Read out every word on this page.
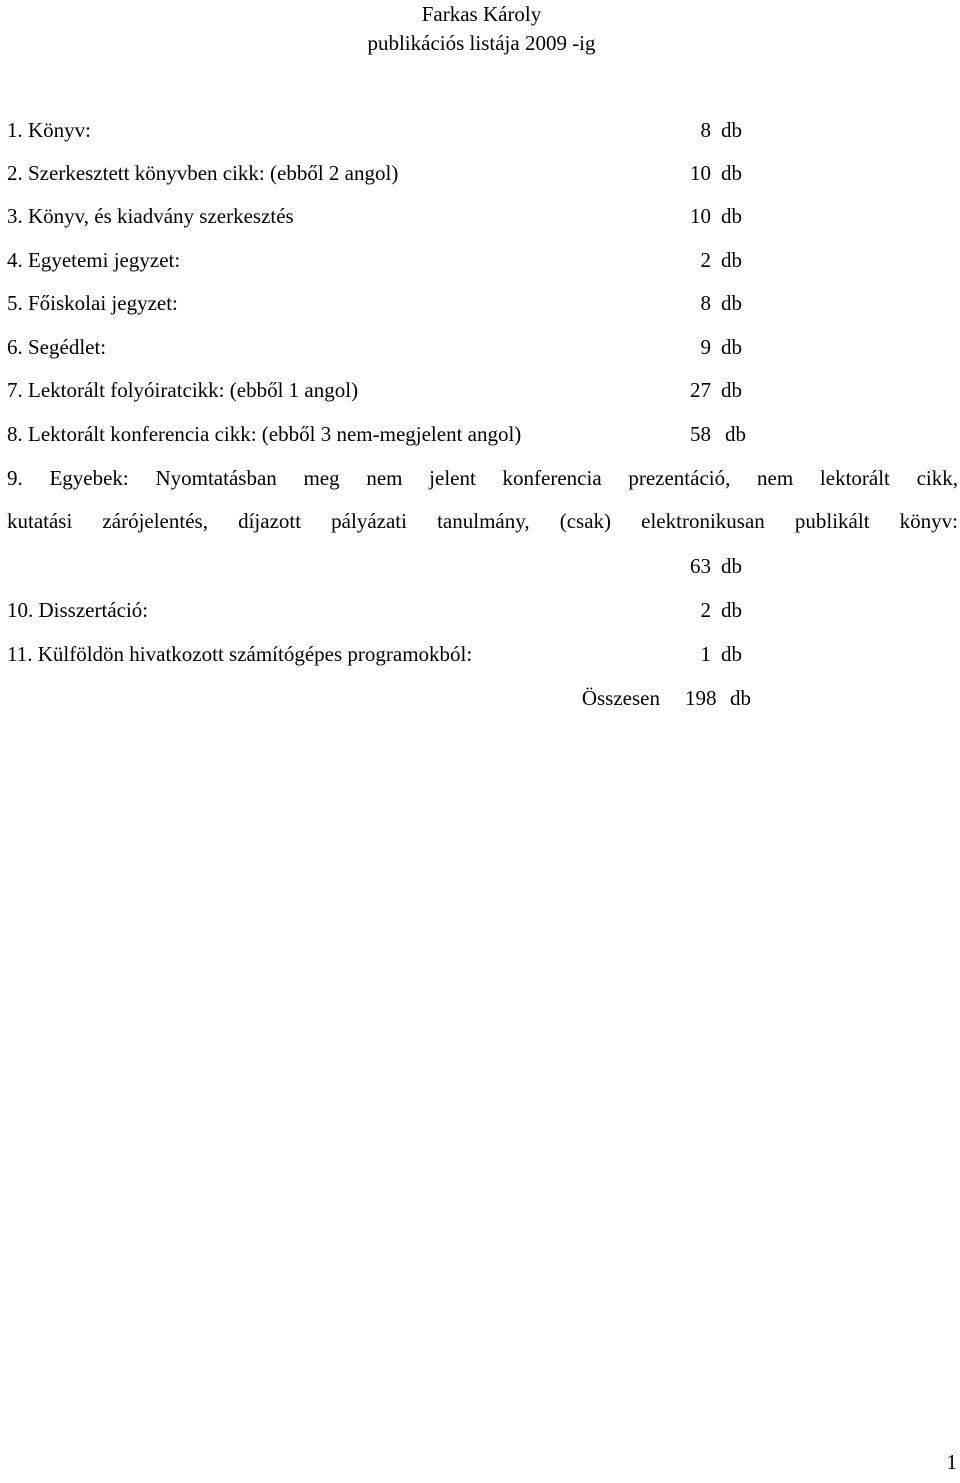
Farkas Károly
publikációs listája 2009 -ig
1. Könyv:	8 db
2. Szerkesztett könyvben cikk: (ebből 2 angol)	10 db
3. Könyv, és kiadvány szerkesztés	10 db
4. Egyetemi jegyzet:	2 db
5. Főiskolai jegyzet:	8 db
6. Segédlet:	9 db
7. Lektorált folyóiratcikk: (ebből 1 angol)	27 db
8. Lektorált konferencia cikk: (ebből 3 nem-megjelent angol)	58 db
9. Egyebek: Nyomtatásban meg nem jelent konferencia prezentáció, nem lektorált cikk,
kutatási zárójelentés, díjazott pályázati tanulmány, (csak) elektronikusan publikált könyv:
63 db
10. Disszertáció:	2 db
11. Külföldön hivatkozott számítógépes programokból:	1 db
Összesen 198 db
1
